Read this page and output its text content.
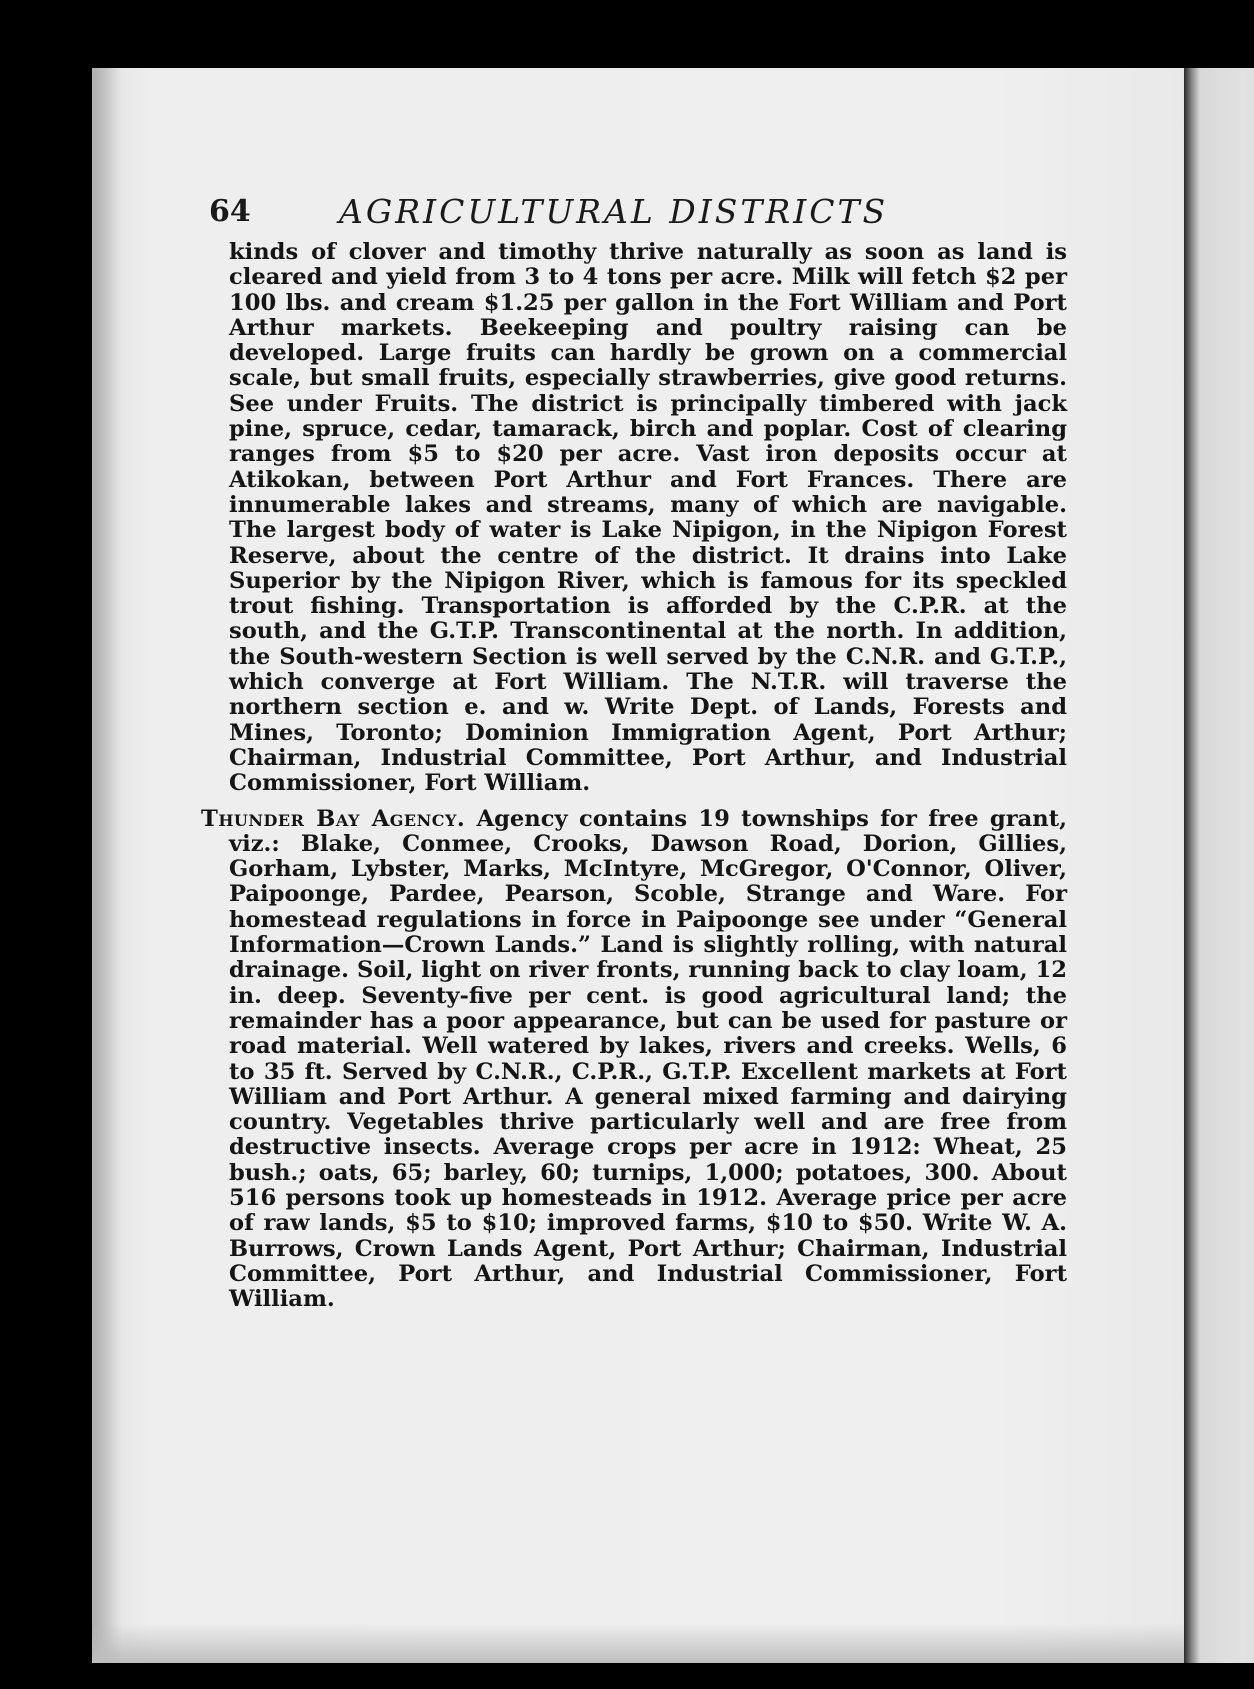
64	AGRICULTURAL DISTRICTS

kinds of clover and timothy thrive naturally as soon as land is cleared and yield from 3 to 4 tons per acre. Milk will fetch $2 per 100 lbs. and cream $1.25 per gallon in the Fort William and Port Arthur markets. Beekeeping and poultry raising can be developed. Large fruits can hardly be grown on a commercial scale, but small fruits, especially strawberries, give good returns. See under Fruits. The district is principally timbered with jack pine, spruce, cedar, tamarack, birch and poplar. Cost of clearing ranges from $5 to $20 per acre. Vast iron deposits occur at Atikokan, between Port Arthur and Fort Frances. There are innumerable lakes and streams, many of which are navigable. The largest body of water is Lake Nipigon, in the Nipigon Forest Reserve, about the centre of the district. It drains into Lake Superior by the Nipigon River, which is famous for its speckled trout fishing. Transportation is afforded by the C.P.R. at the south, and the G.T.P. Transcontinental at the north. In addition, the South-western Section is well served by the C.N.R. and G.T.P., which converge at Fort William. The N.T.R. will traverse the northern section e. and w. Write Dept. of Lands, Forests and Mines, Toronto; Dominion Immigration Agent, Port Arthur; Chairman, Industrial Committee, Port Arthur, and Industrial Commissioner, Fort William.

Thunder Bay Agency. Agency contains 19 townships for free grant, viz.: Blake, Conmee, Crooks, Dawson Road, Dorion, Gillies, Gorham, Lybster, Marks, McIntyre, McGregor, O'Connor, Oliver, Paipoonge, Pardee, Pearson, Scoble, Strange and Ware. For homestead regulations in force in Paipoonge see under “General Information—Crown Lands.” Land is slightly rolling, with natural drainage. Soil, light on river fronts, running back to clay loam, 12 in. deep. Seventy-five per cent. is good agricultural land; the remainder has a poor appearance, but can be used for pasture or road material. Well watered by lakes, rivers and creeks. Wells, 6 to 35 ft. Served by C.N.R., C.P.R., G.T.P. Excellent markets at Fort William and Port Arthur. A general mixed farming and dairying country. Vegetables thrive particularly well and are free from destructive insects. Average crops per acre in 1912: Wheat, 25 bush.; oats, 65; barley, 60; turnips, 1,000; potatoes, 300. About 516 persons took up homesteads in 1912. Average price per acre of raw lands, $5 to $10; improved farms, $10 to $50. Write W. A. Burrows, Crown Lands Agent, Port Arthur; Chairman, Industrial Committee, Port Arthur, and Industrial Commissioner, Fort William.
